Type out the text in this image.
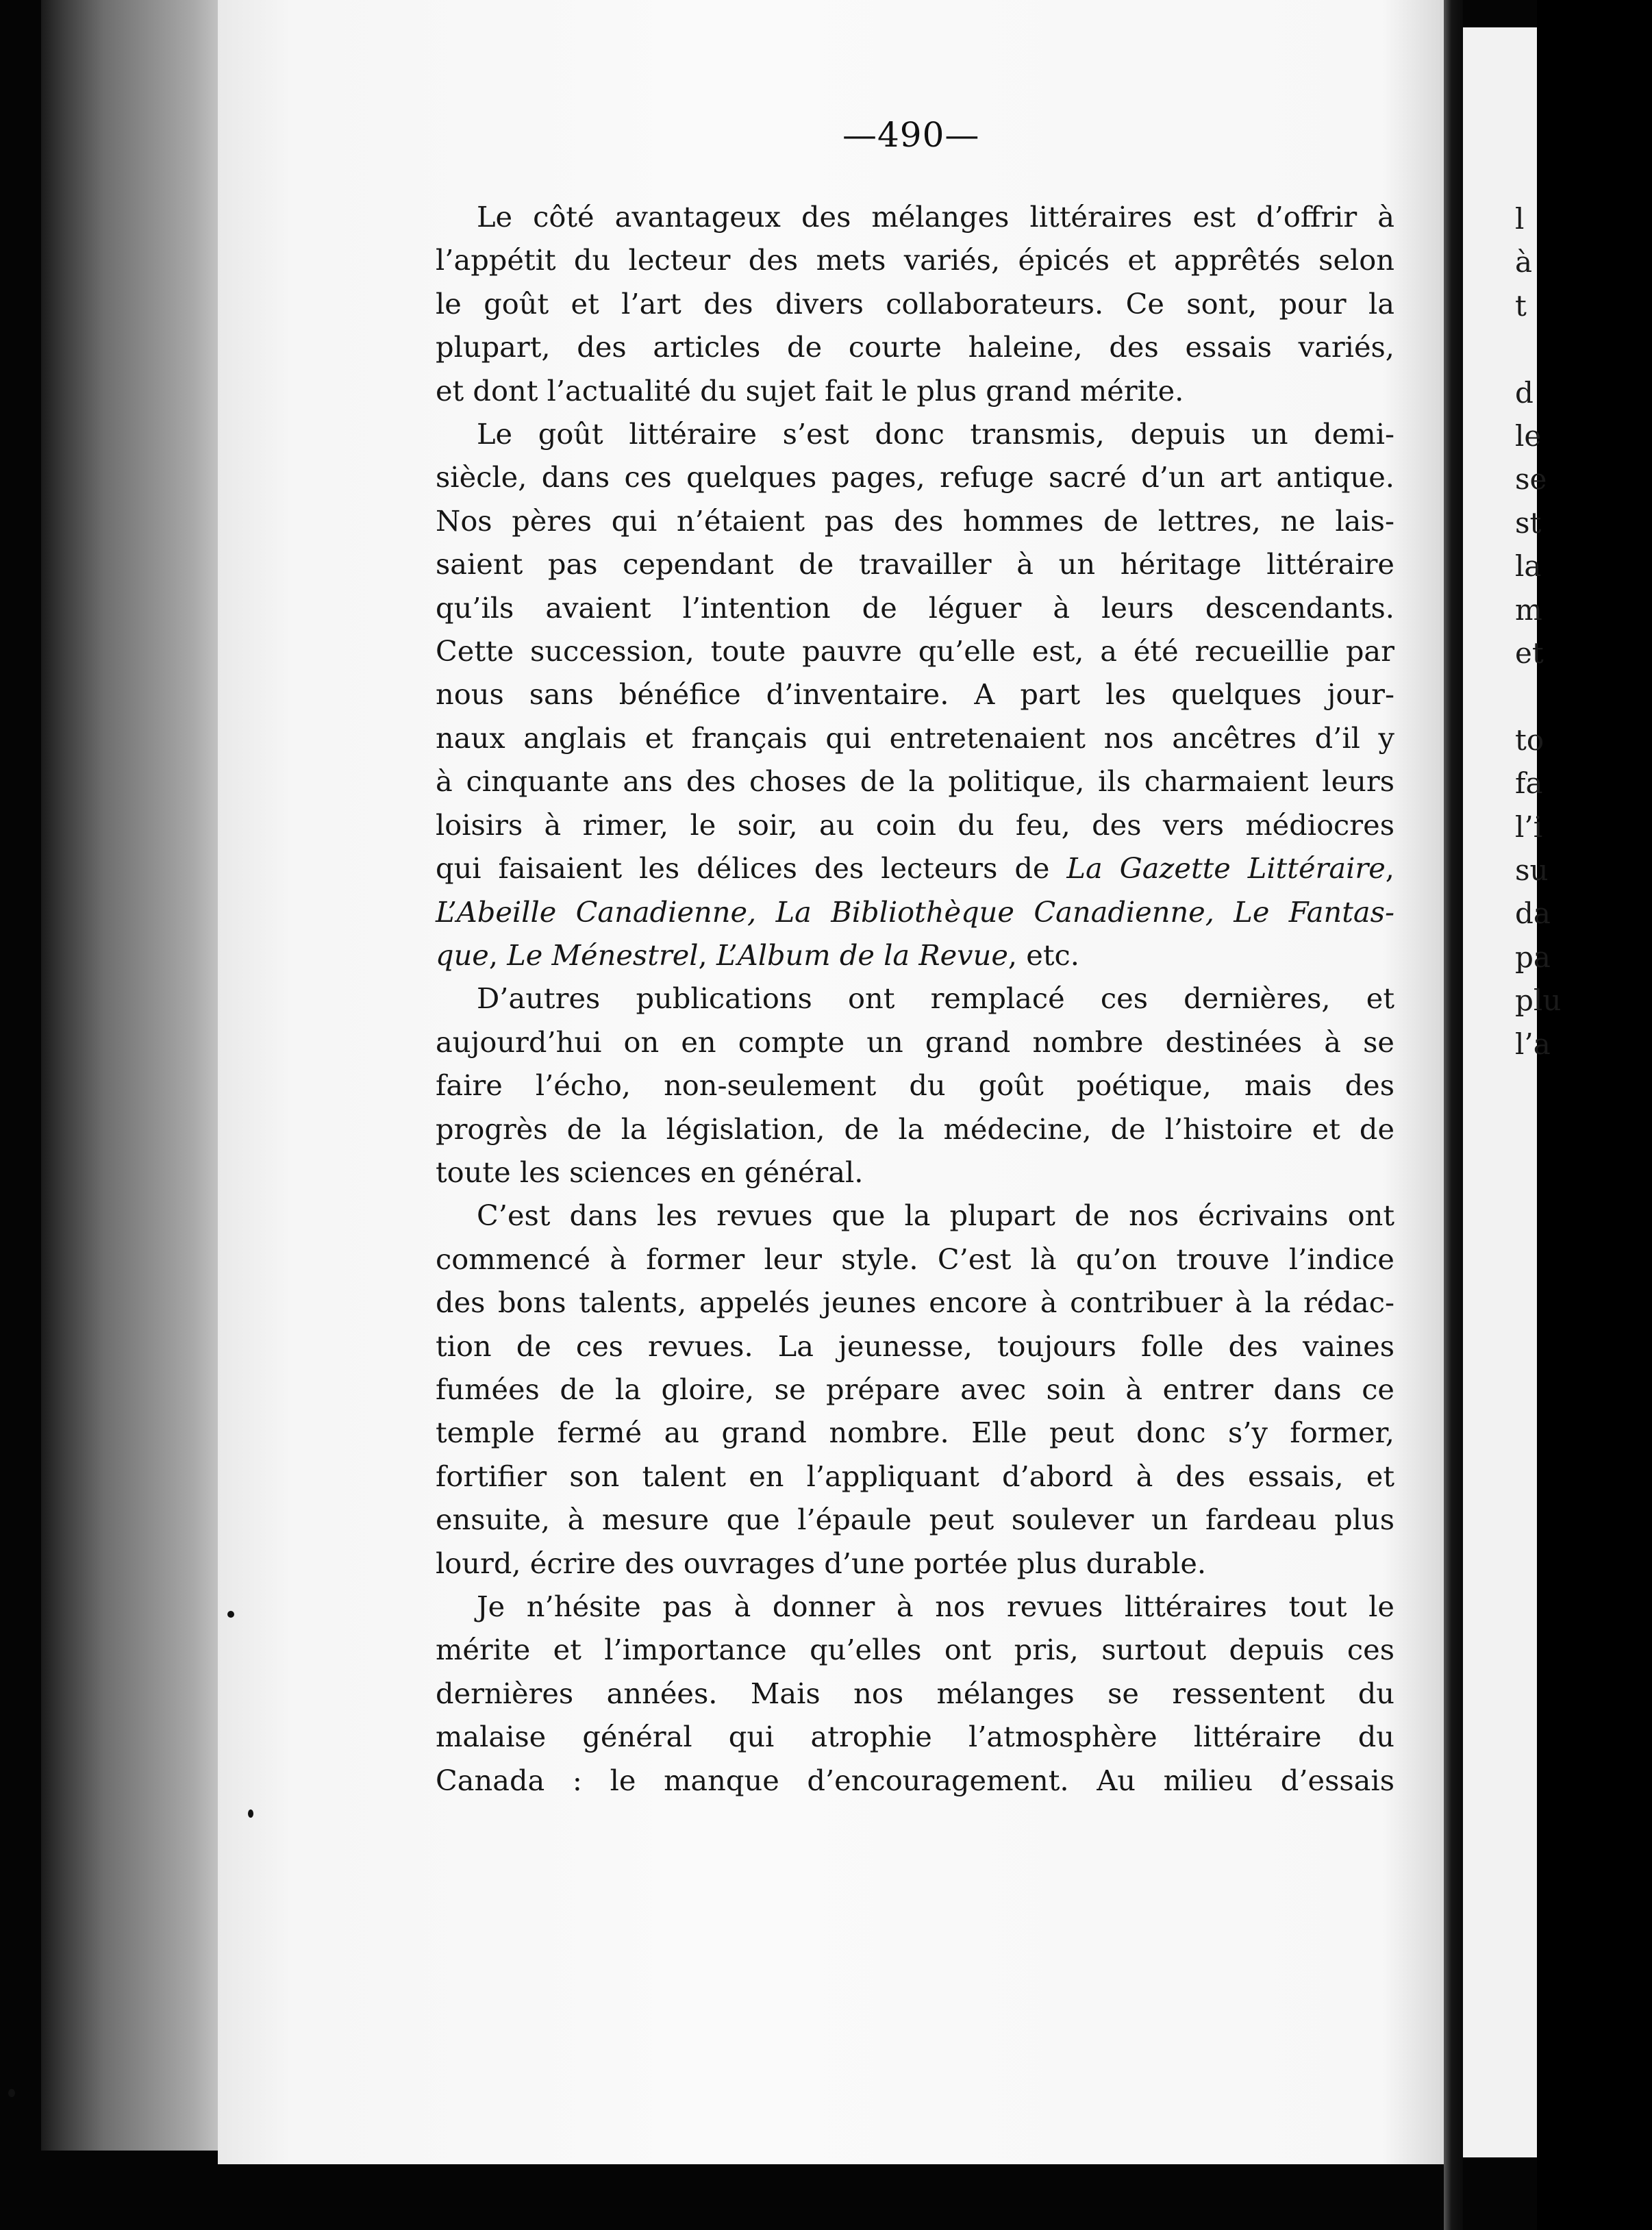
—490—

Le côté avantageux des mélanges littéraires est d’offrir à
l’appétit du lecteur des mets variés, épicés et apprêtés selon
le goût et l’art des divers collaborateurs. Ce sont, pour la
plupart, des articles de courte haleine, des essais variés,
et dont l’actualité du sujet fait le plus grand mérite.

Le goût littéraire s’est donc transmis, depuis un demi-
siècle, dans ces quelques pages, refuge sacré d’un art antique.
Nos pères qui n’étaient pas des hommes de lettres, ne lais-
saient pas cependant de travailler à un héritage littéraire
qu’ils avaient l’intention de léguer à leurs descendants.
Cette succession, toute pauvre qu’elle est, a été recueillie par
nous sans bénéfice d’inventaire. A part les quelques jour-
naux anglais et français qui entretenaient nos ancêtres d’il y
à cinquante ans des choses de la politique, ils charmaient leurs
loisirs à rimer, le soir, au coin du feu, des vers médiocres
qui faisaient les délices des lecteurs de La Gazette Littéraire,
L’Abeille Canadienne, La Bibliothèque Canadienne, Le Fantas-
que, Le Ménestrel, L’Album de la Revue, etc.

D’autres publications ont remplacé ces dernières, et
aujourd’hui on en compte un grand nombre destinées à se
faire l’écho, non-seulement du goût poétique, mais des
progrès de la législation, de la médecine, de l’histoire et de
toute les sciences en général.

C’est dans les revues que la plupart de nos écrivains ont
commencé à former leur style. C’est là qu’on trouve l’indice
des bons talents, appelés jeunes encore à contribuer à la rédac-
tion de ces revues. La jeunesse, toujours folle des vaines
fumées de la gloire, se prépare avec soin à entrer dans ce
temple fermé au grand nombre. Elle peut donc s’y former,
fortifier son talent en l’appliquant d’abord à des essais, et
ensuite, à mesure que l’épaule peut soulever un fardeau plus
lourd, écrire des ouvrages d’une portée plus durable.

Je n’hésite pas à donner à nos revues littéraires tout le
mérite et l’importance qu’elles ont pris, surtout depuis ces
dernières années. Mais nos mélanges se ressentent du
malaise général qui atrophie l’atmosphère littéraire du
Canada : le manque d’encouragement. Au milieu d’essais

l
à
t
d
le
se
st
la
m
et
to
fa
l’i
su
da
pa
plu
l’a
